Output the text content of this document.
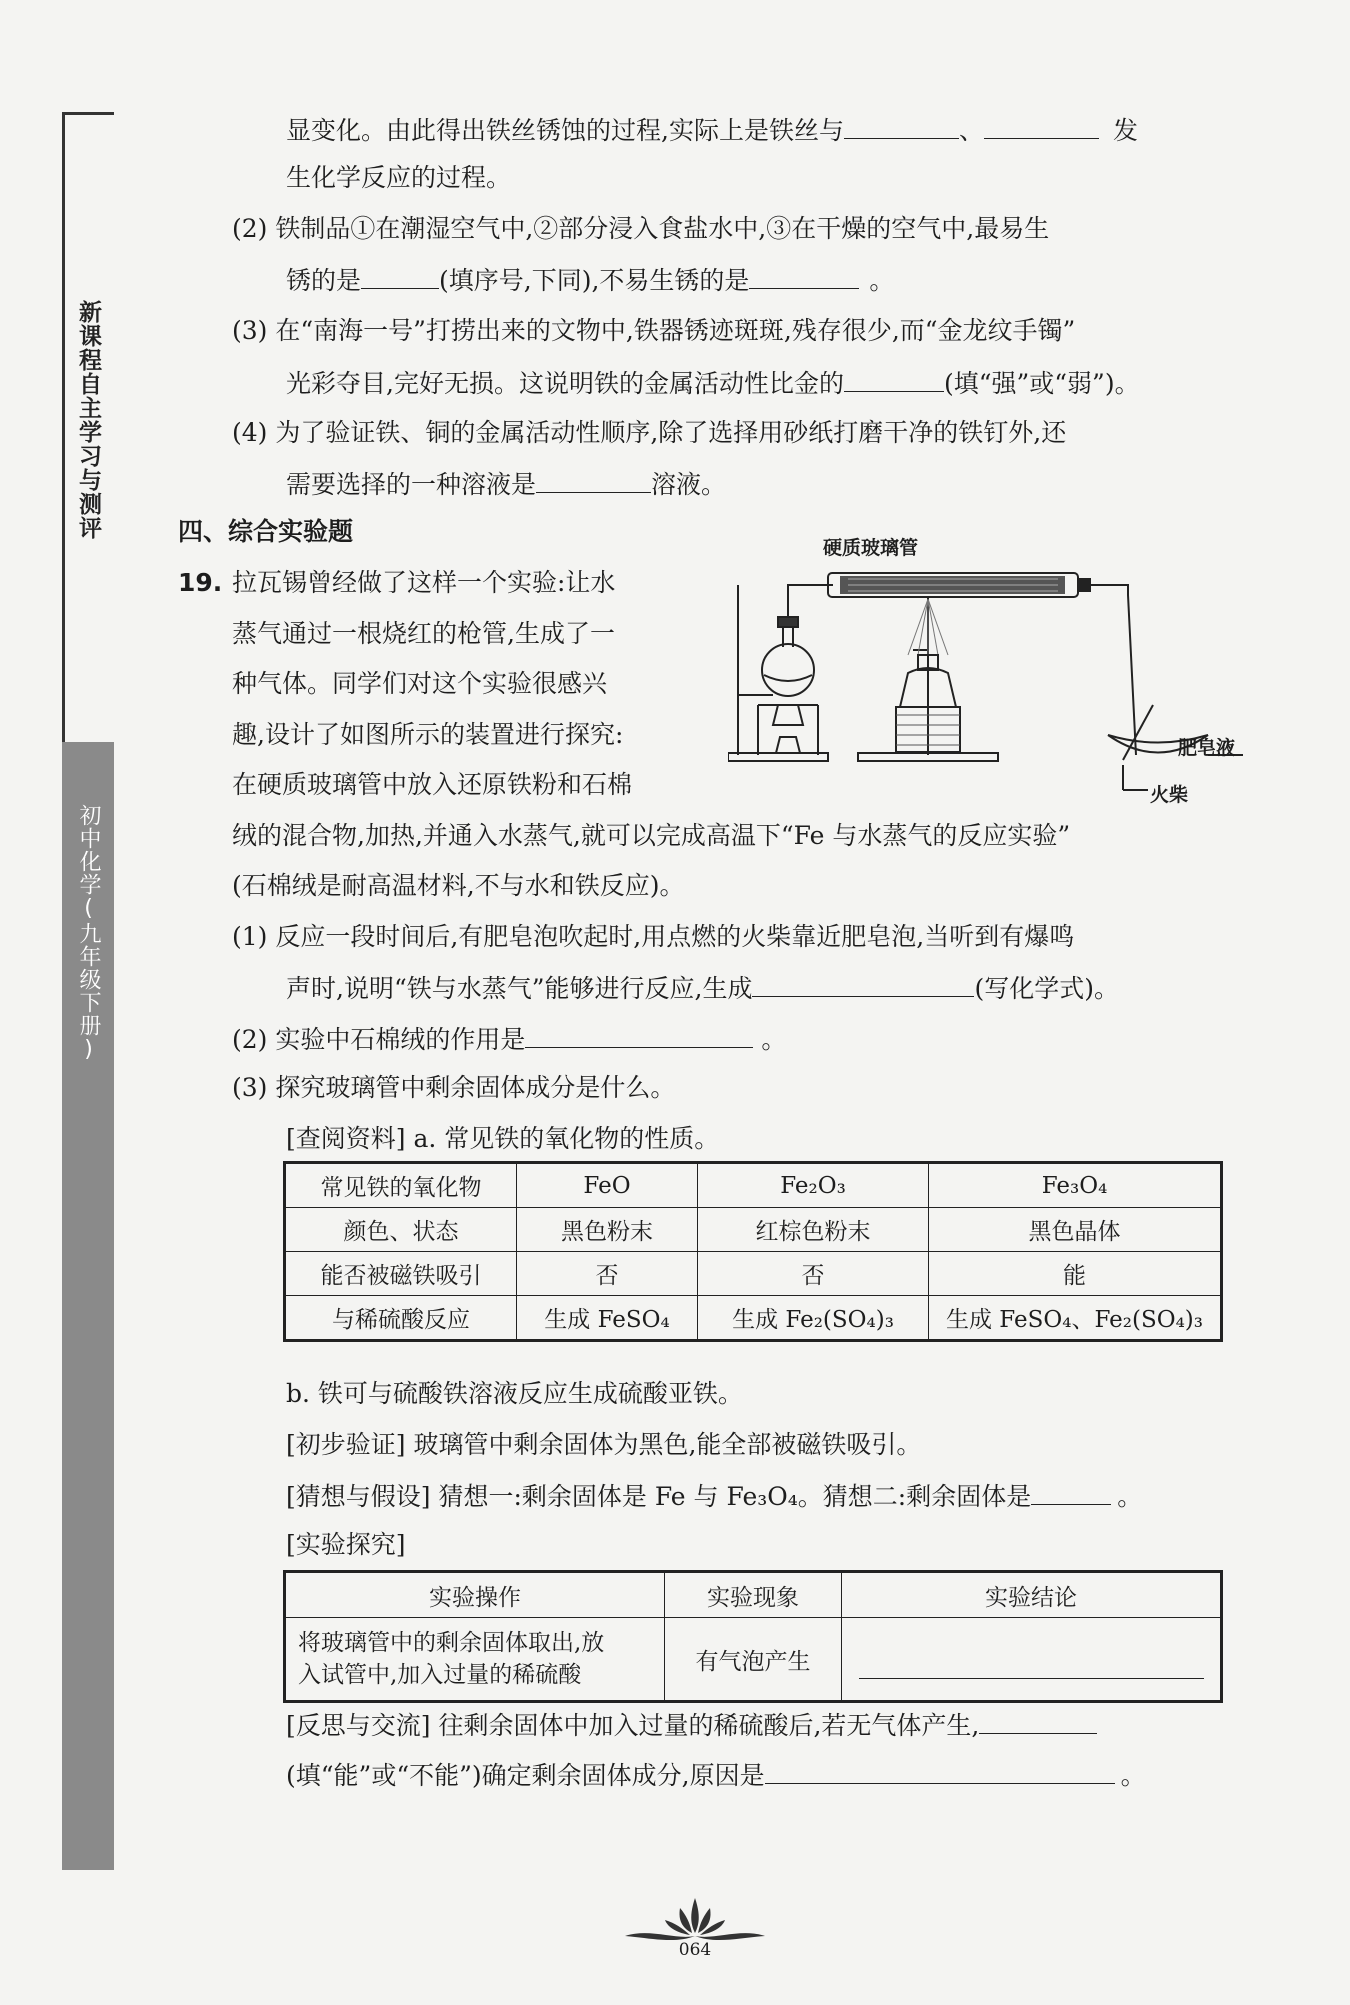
新课程自主学习与测评
初中化学(九年级下册)
显变化。由此得出铁丝锈蚀的过程,实际上是铁丝与	、	发
生化学反应的过程。
(2) 铁制品①在潮湿空气中,②部分浸入食盐水中,③在干燥的空气中,最易生
锈的是	(填序号,下同),不易生锈的是	。
(3) 在“南海一号”打捞出来的文物中,铁器锈迹斑斑,残存很少,而“金龙纹手镯”
光彩夺目,完好无损。这说明铁的金属活动性比金的	(填“强”或“弱”)。
(4) 为了验证铁、铜的金属活动性顺序,除了选择用砂纸打磨干净的铁钉外,还
需要选择的一种溶液是	溶液。
四、综合实验题
19. 拉瓦锡曾经做了这样一个实验:让水
蒸气通过一根烧红的枪管,生成了一
种气体。同学们对这个实验很感兴
趣,设计了如图所示的装置进行探究:
在硬质玻璃管中放入还原铁粉和石棉
绒的混合物,加热,并通入水蒸气,就可以完成高温下“Fe 与水蒸气的反应实验”
(石棉绒是耐高温材料,不与水和铁反应)。
硬质玻璃管
肥皂液
火柴
(1) 反应一段时间后,有肥皂泡吹起时,用点燃的火柴靠近肥皂泡,当听到有爆鸣
声时,说明“铁与水蒸气”能够进行反应,生成	(写化学式)。
(2) 实验中石棉绒的作用是	。
(3) 探究玻璃管中剩余固体成分是什么。
[查阅资料] a. 常见铁的氧化物的性质。
常见铁的氧化物	FeO	Fe₂O₃	Fe₃O₄
颜色、状态	黑色粉末	红棕色粉末	黑色晶体
能否被磁铁吸引	否	否	能
与稀硫酸反应	生成 FeSO₄	生成 Fe₂(SO₄)₃	生成 FeSO₄、Fe₂(SO₄)₃
b. 铁可与硫酸铁溶液反应生成硫酸亚铁。
[初步验证] 玻璃管中剩余固体为黑色,能全部被磁铁吸引。
[猜想与假设] 猜想一:剩余固体是 Fe 与 Fe₃O₄。猜想二:剩余固体是	。
[实验探究]
实验操作	实验现象	实验结论

将玻璃管中的剩余固体取出,放
入试管中,加入过量的稀硫酸	有气泡产生	
[反思与交流] 往剩余固体中加入过量的稀硫酸后,若无气体产生,
(填“能”或“不能”)确定剩余固体成分,原因是	。
064
